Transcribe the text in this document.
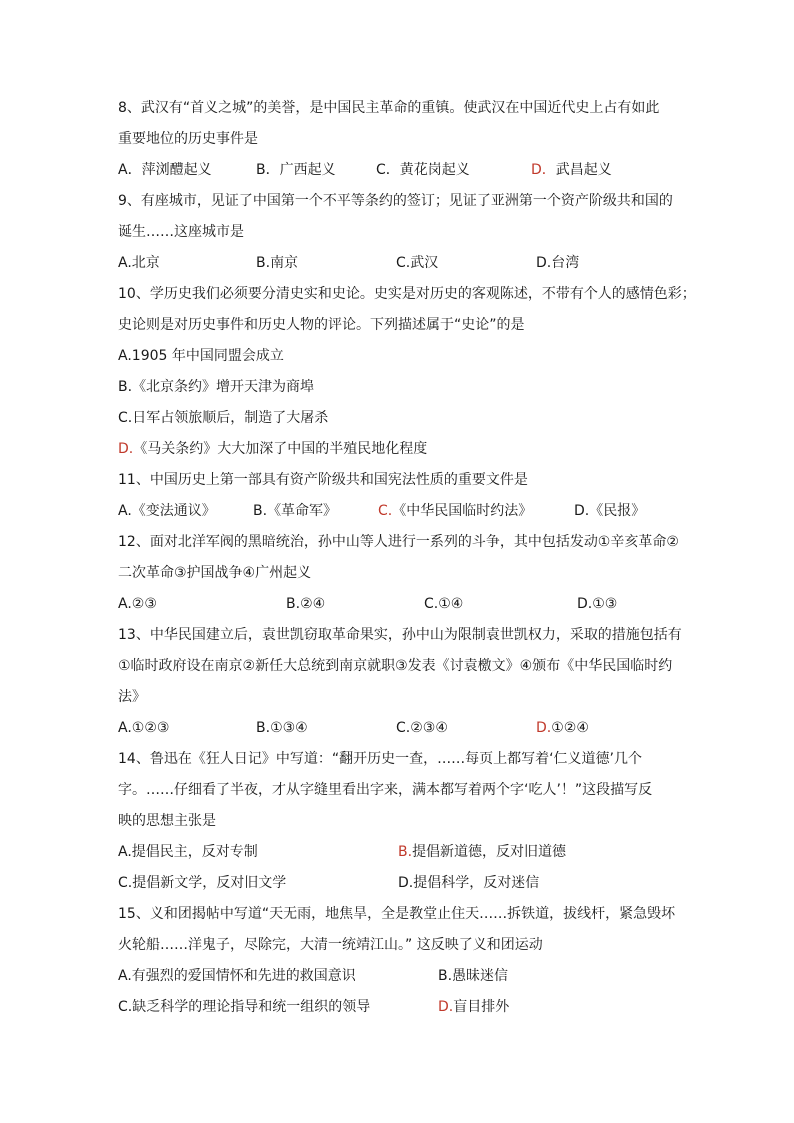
8、武汉有“首义之城”的美誉，是中国民主革命的重镇。使武汉在中国近代史上占有如此
重要地位的历史事件是
A．萍浏醴起义	B．广西起义	C．黄花岗起义	D．武昌起义
9、有座城市，见证了中国第一个不平等条约的签订；见证了亚洲第一个资产阶级共和国的
诞生……这座城市是
A.北京	B.南京	C.武汉	D.台湾
10、学历史我们必须要分清史实和史论。史实是对历史的客观陈述，不带有个人的感情色彩；
史论则是对历史事件和历史人物的评论。下列描述属于“史论”的是
A.1905 年中国同盟会成立
B.《北京条约》增开天津为商埠
C.日军占领旅顺后，制造了大屠杀
D.《马关条约》大大加深了中国的半殖民地化程度
11、中国历史上第一部具有资产阶级共和国宪法性质的重要文件是
A.《变法通议》	B.《革命军》	C.《中华民国临时约法》	D.《民报》
12、面对北洋军阀的黑暗统治，孙中山等人进行一系列的斗争，其中包括发动①辛亥革命②
二次革命③护国战争④广州起义
A.②③	B.②④	C.①④	D.①③
13、中华民国建立后，袁世凯窃取革命果实，孙中山为限制袁世凯权力，采取的措施包括有
①临时政府设在南京②新任大总统到南京就职③发表《讨袁檄文》④颁布《中华民国临时约
法》
A.①②③	B.①③④	C.②③④	D.①②④
14、鲁迅在《狂人日记》中写道：“翻开历史一查，……每页上都写着‘仁义道德’几个
字。……仔细看了半夜，才从字缝里看出字来，满本都写着两个字‘吃人’！”这段描写反
映的思想主张是
A.提倡民主，反对专制	B.提倡新道德，反对旧道德
C.提倡新文学，反对旧文学	D.提倡科学，反对迷信
15、义和团揭帖中写道“天无雨，地焦旱，全是教堂止住天……拆铁道，拔线杆，紧急毁坏
火轮船……洋鬼子，尽除完，大清一统靖江山。” 这反映了义和团运动
A.有强烈的爱国情怀和先进的救国意识	B.愚昧迷信
C.缺乏科学的理论指导和统一组织的领导	D.盲目排外
